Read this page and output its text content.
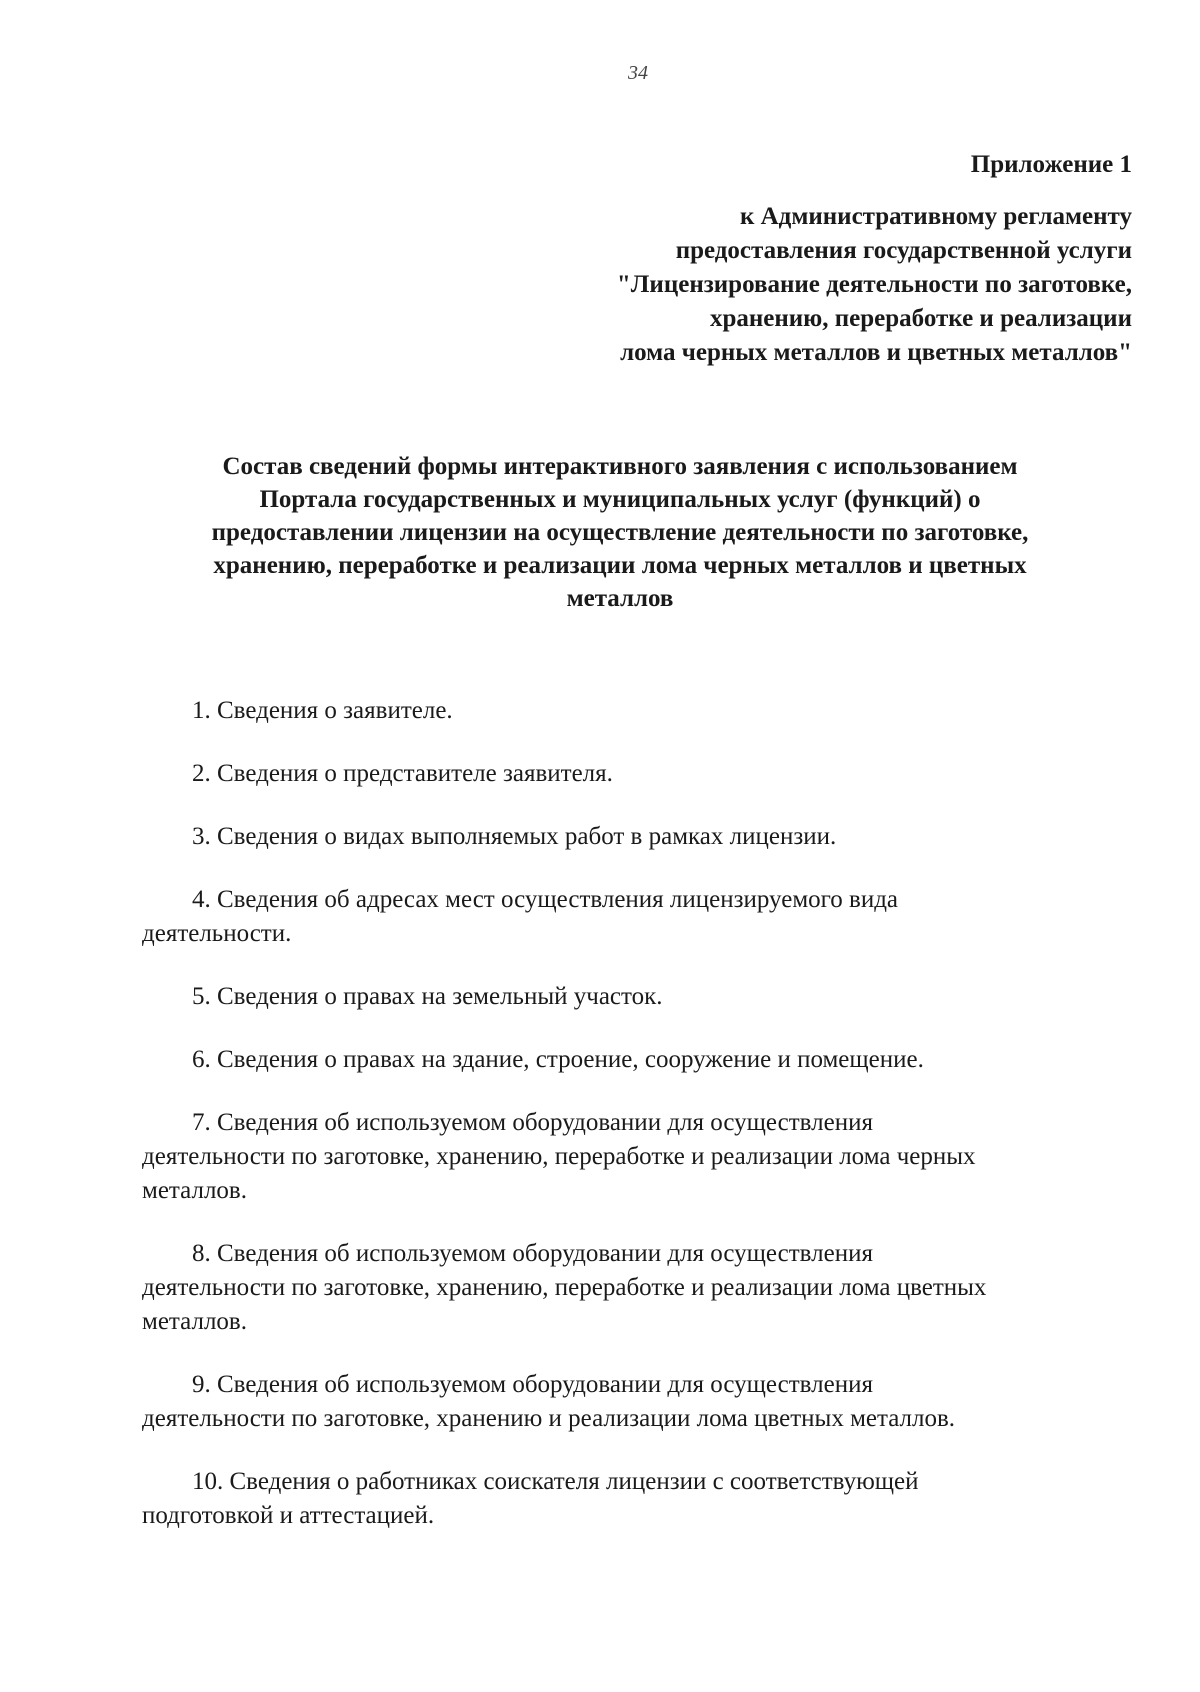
34
Приложение 1
к Административному регламенту
предоставления государственной услуги
"Лицензирование деятельности по заготовке,
хранению, переработке и реализации
лома черных металлов и цветных металлов"
Состав сведений формы интерактивного заявления с использованием
Портала государственных и муниципальных услуг (функций) о
предоставлении лицензии на осуществление деятельности по заготовке,
хранению, переработке и реализации лома черных металлов и цветных
металлов
1. Сведения о заявителе.
2. Сведения о представителе заявителя.
3. Сведения о видах выполняемых работ в рамках лицензии.
4. Сведения об адресах мест осуществления лицензируемого вида
деятельности.
5. Сведения о правах на земельный участок.
6. Сведения о правах на здание, строение, сооружение и помещение.
7. Сведения об используемом оборудовании для осуществления
деятельности по заготовке, хранению, переработке и реализации лома черных
металлов.
8. Сведения об используемом оборудовании для осуществления
деятельности по заготовке, хранению, переработке и реализации лома цветных
металлов.
9. Сведения об используемом оборудовании для осуществления
деятельности по заготовке, хранению и реализации лома цветных металлов.
10. Сведения о работниках соискателя лицензии с соответствующей
подготовкой и аттестацией.
